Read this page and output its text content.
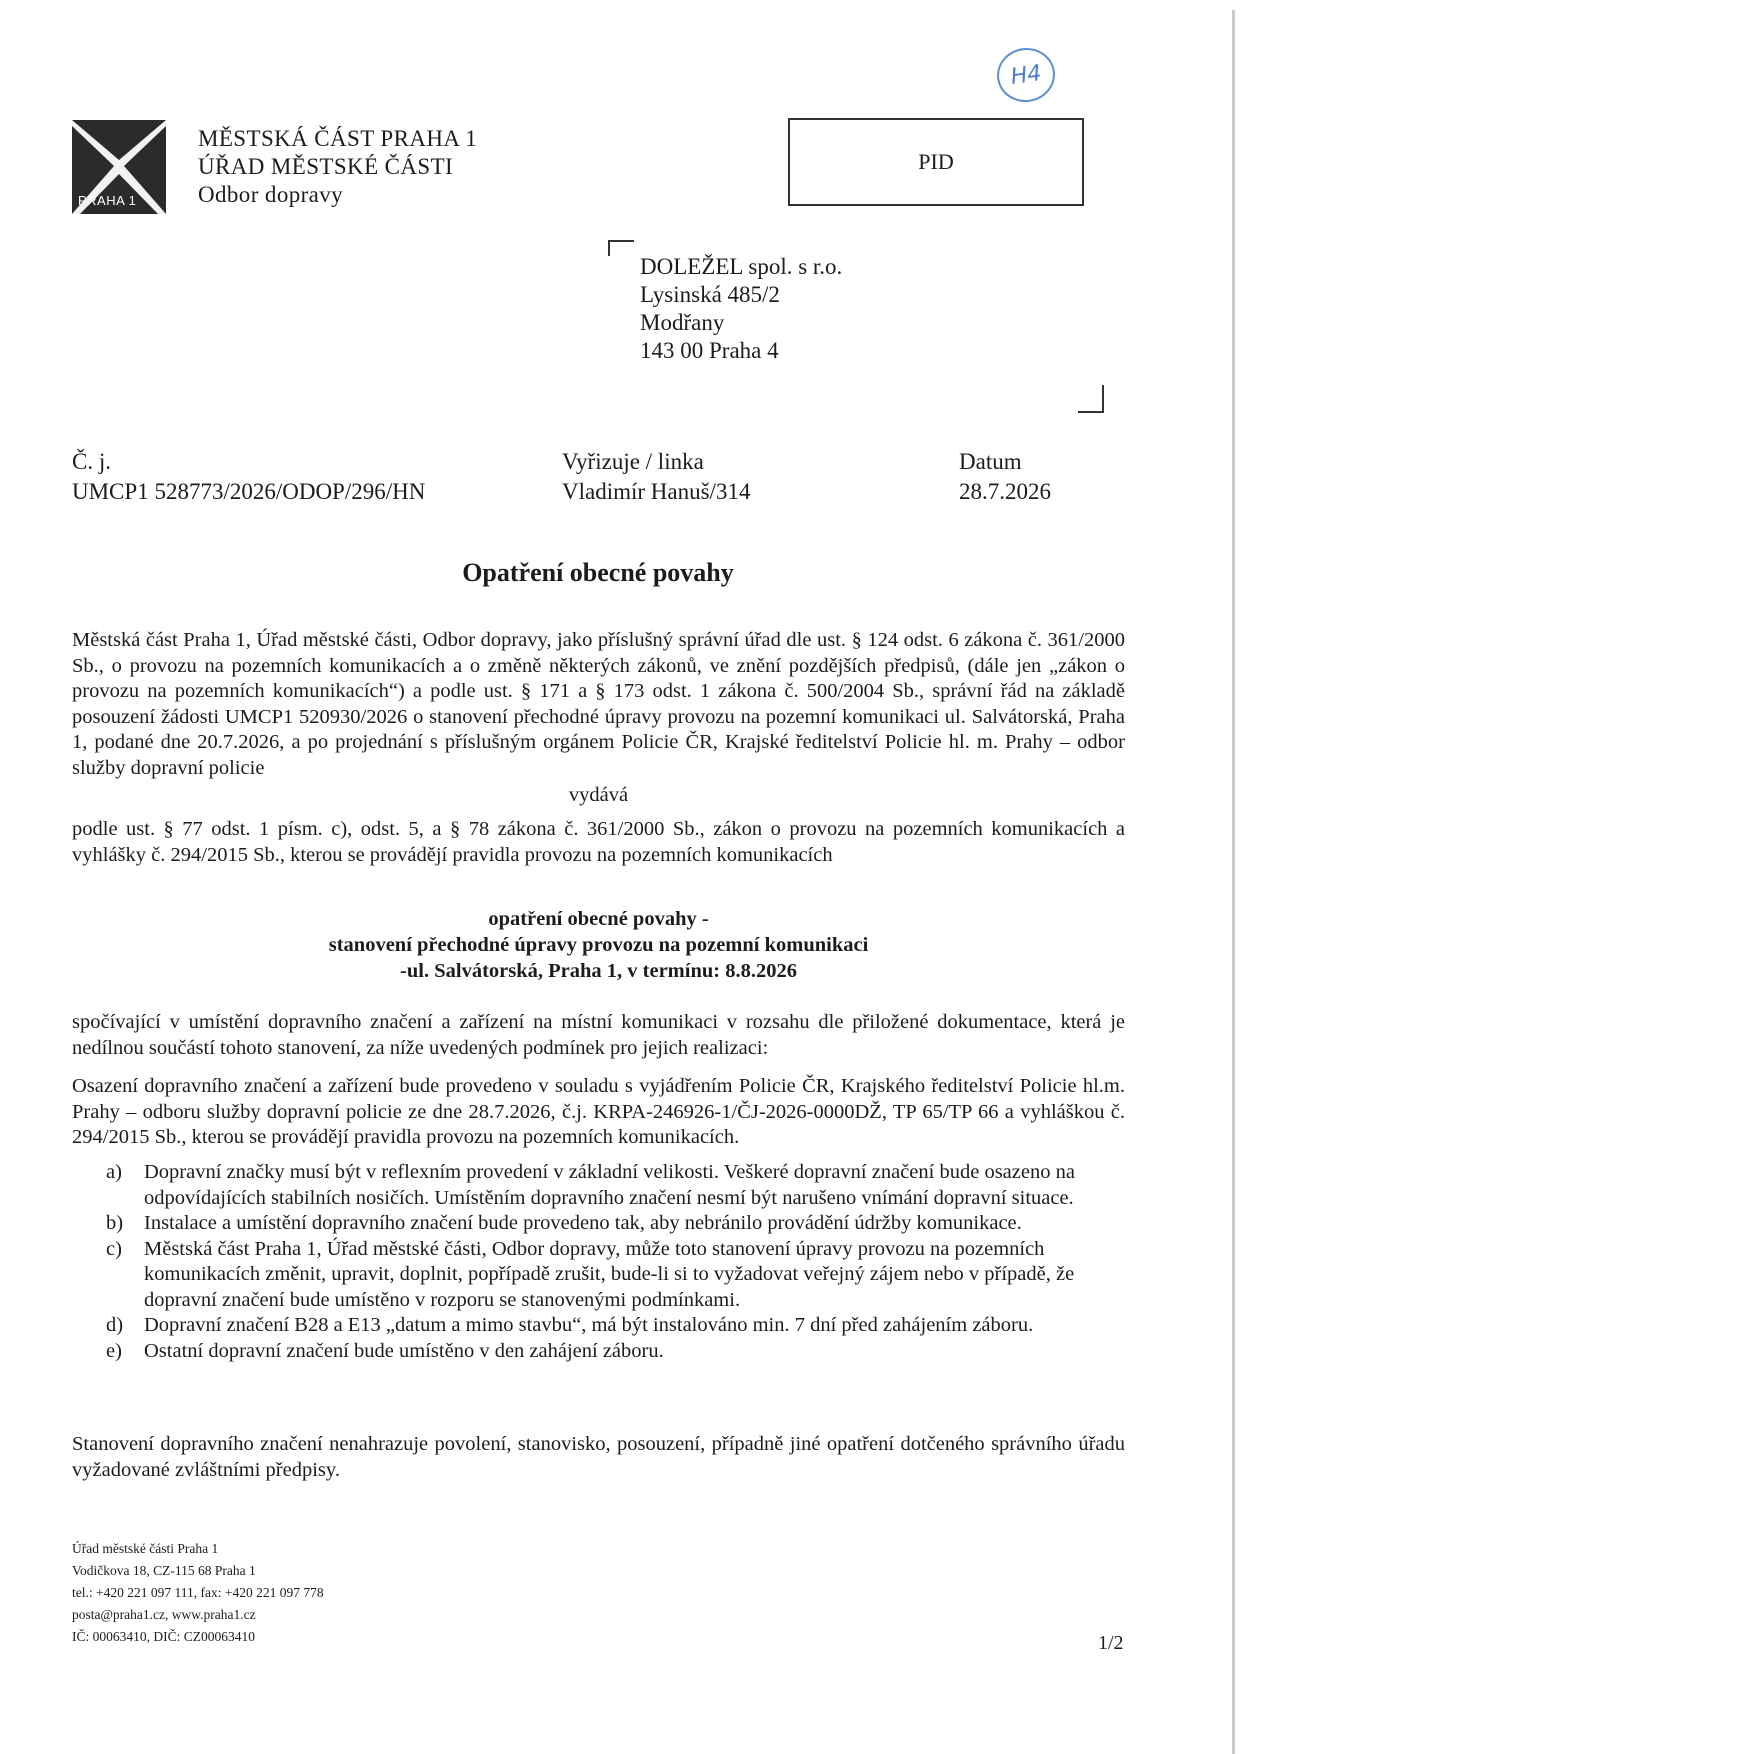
H4
PRAHA 1
MĚSTSKÁ ČÁST PRAHA 1
ÚŘAD MĚSTSKÉ ČÁSTI
Odbor dopravy
PID
DOLEŽEL spol. s r.o.
Lysinská 485/2
Modřany
143 00 Praha 4
Č. j.
UMCP1 528773/2026/ODOP/296/HN
Vyřizuje / linka
Vladimír Hanuš/314
Datum
28.7.2026
Opatření obecné povahy
Městská část Praha 1, Úřad městské části, Odbor dopravy, jako příslušný správní úřad dle ust. § 124 odst. 6 zákona č. 361/2000 Sb., o provozu na pozemních komunikacích a o změně některých zákonů, ve znění pozdějších předpisů, (dále jen „zákon o provozu na pozemních komunikacích“) a podle ust. § 171 a § 173 odst. 1 zákona č. 500/2004 Sb., správní řád na základě posouzení žádosti UMCP1 520930/2026 o stanovení přechodné úpravy provozu na pozemní komunikaci ul. Salvátorská, Praha 1, podané dne 20.7.2026, a po projednání s příslušným orgánem Policie ČR, Krajské ředitelství Policie hl. m. Prahy – odbor služby dopravní policie
vydává
podle ust. § 77 odst. 1 písm. c), odst. 5, a § 78 zákona č. 361/2000 Sb., zákon o provozu na pozemních komunikacích a vyhlášky č. 294/2015 Sb., kterou se provádějí pravidla provozu na pozemních komunikacích
opatření obecné povahy -
stanovení přechodné úpravy provozu na pozemní komunikaci
-ul. Salvátorská, Praha 1, v termínu: 8.8.2026
spočívající v umístění dopravního značení a zařízení na místní komunikaci v rozsahu dle přiložené dokumentace, která je nedílnou součástí tohoto stanovení, za níže uvedených podmínek pro jejich realizaci:
Osazení dopravního značení a zařízení bude provedeno v souladu s vyjádřením Policie ČR, Krajského ředitelství Policie hl.m. Prahy – odboru služby dopravní policie ze dne 28.7.2026, č.j. KRPA-246926-1/ČJ-2026-0000DŽ, TP 65/TP 66 a vyhláškou č. 294/2015 Sb., kterou se provádějí pravidla provozu na pozemních komunikacích.
a)	Dopravní značky musí být v reflexním provedení v základní velikosti. Veškeré dopravní značení bude osazeno na odpovídajících stabilních nosičích. Umístěním dopravního značení nesmí být narušeno vnímání dopravní situace.
b)	Instalace a umístění dopravního značení bude provedeno tak, aby nebránilo provádění údržby komunikace.
c)	Městská část Praha 1, Úřad městské části, Odbor dopravy, může toto stanovení úpravy provozu na pozemních komunikacích změnit, upravit, doplnit, popřípadě zrušit, bude-li si to vyžadovat veřejný zájem nebo v případě, že dopravní značení bude umístěno v rozporu se stanovenými podmínkami.
d)	Dopravní značení B28 a E13 „datum a mimo stavbu“, má být instalováno min. 7 dní před zahájením záboru.
e)	Ostatní dopravní značení bude umístěno v den zahájení záboru.
Stanovení dopravního značení nenahrazuje povolení, stanovisko, posouzení, případně jiné opatření dotčeného správního úřadu vyžadované zvláštními předpisy.
Úřad městské části Praha 1
Vodičkova 18, CZ-115 68 Praha 1
tel.: +420 221 097 111, fax: +420 221 097 778
posta@praha1.cz, www.praha1.cz
IČ: 00063410, DIČ: CZ00063410	1/2
